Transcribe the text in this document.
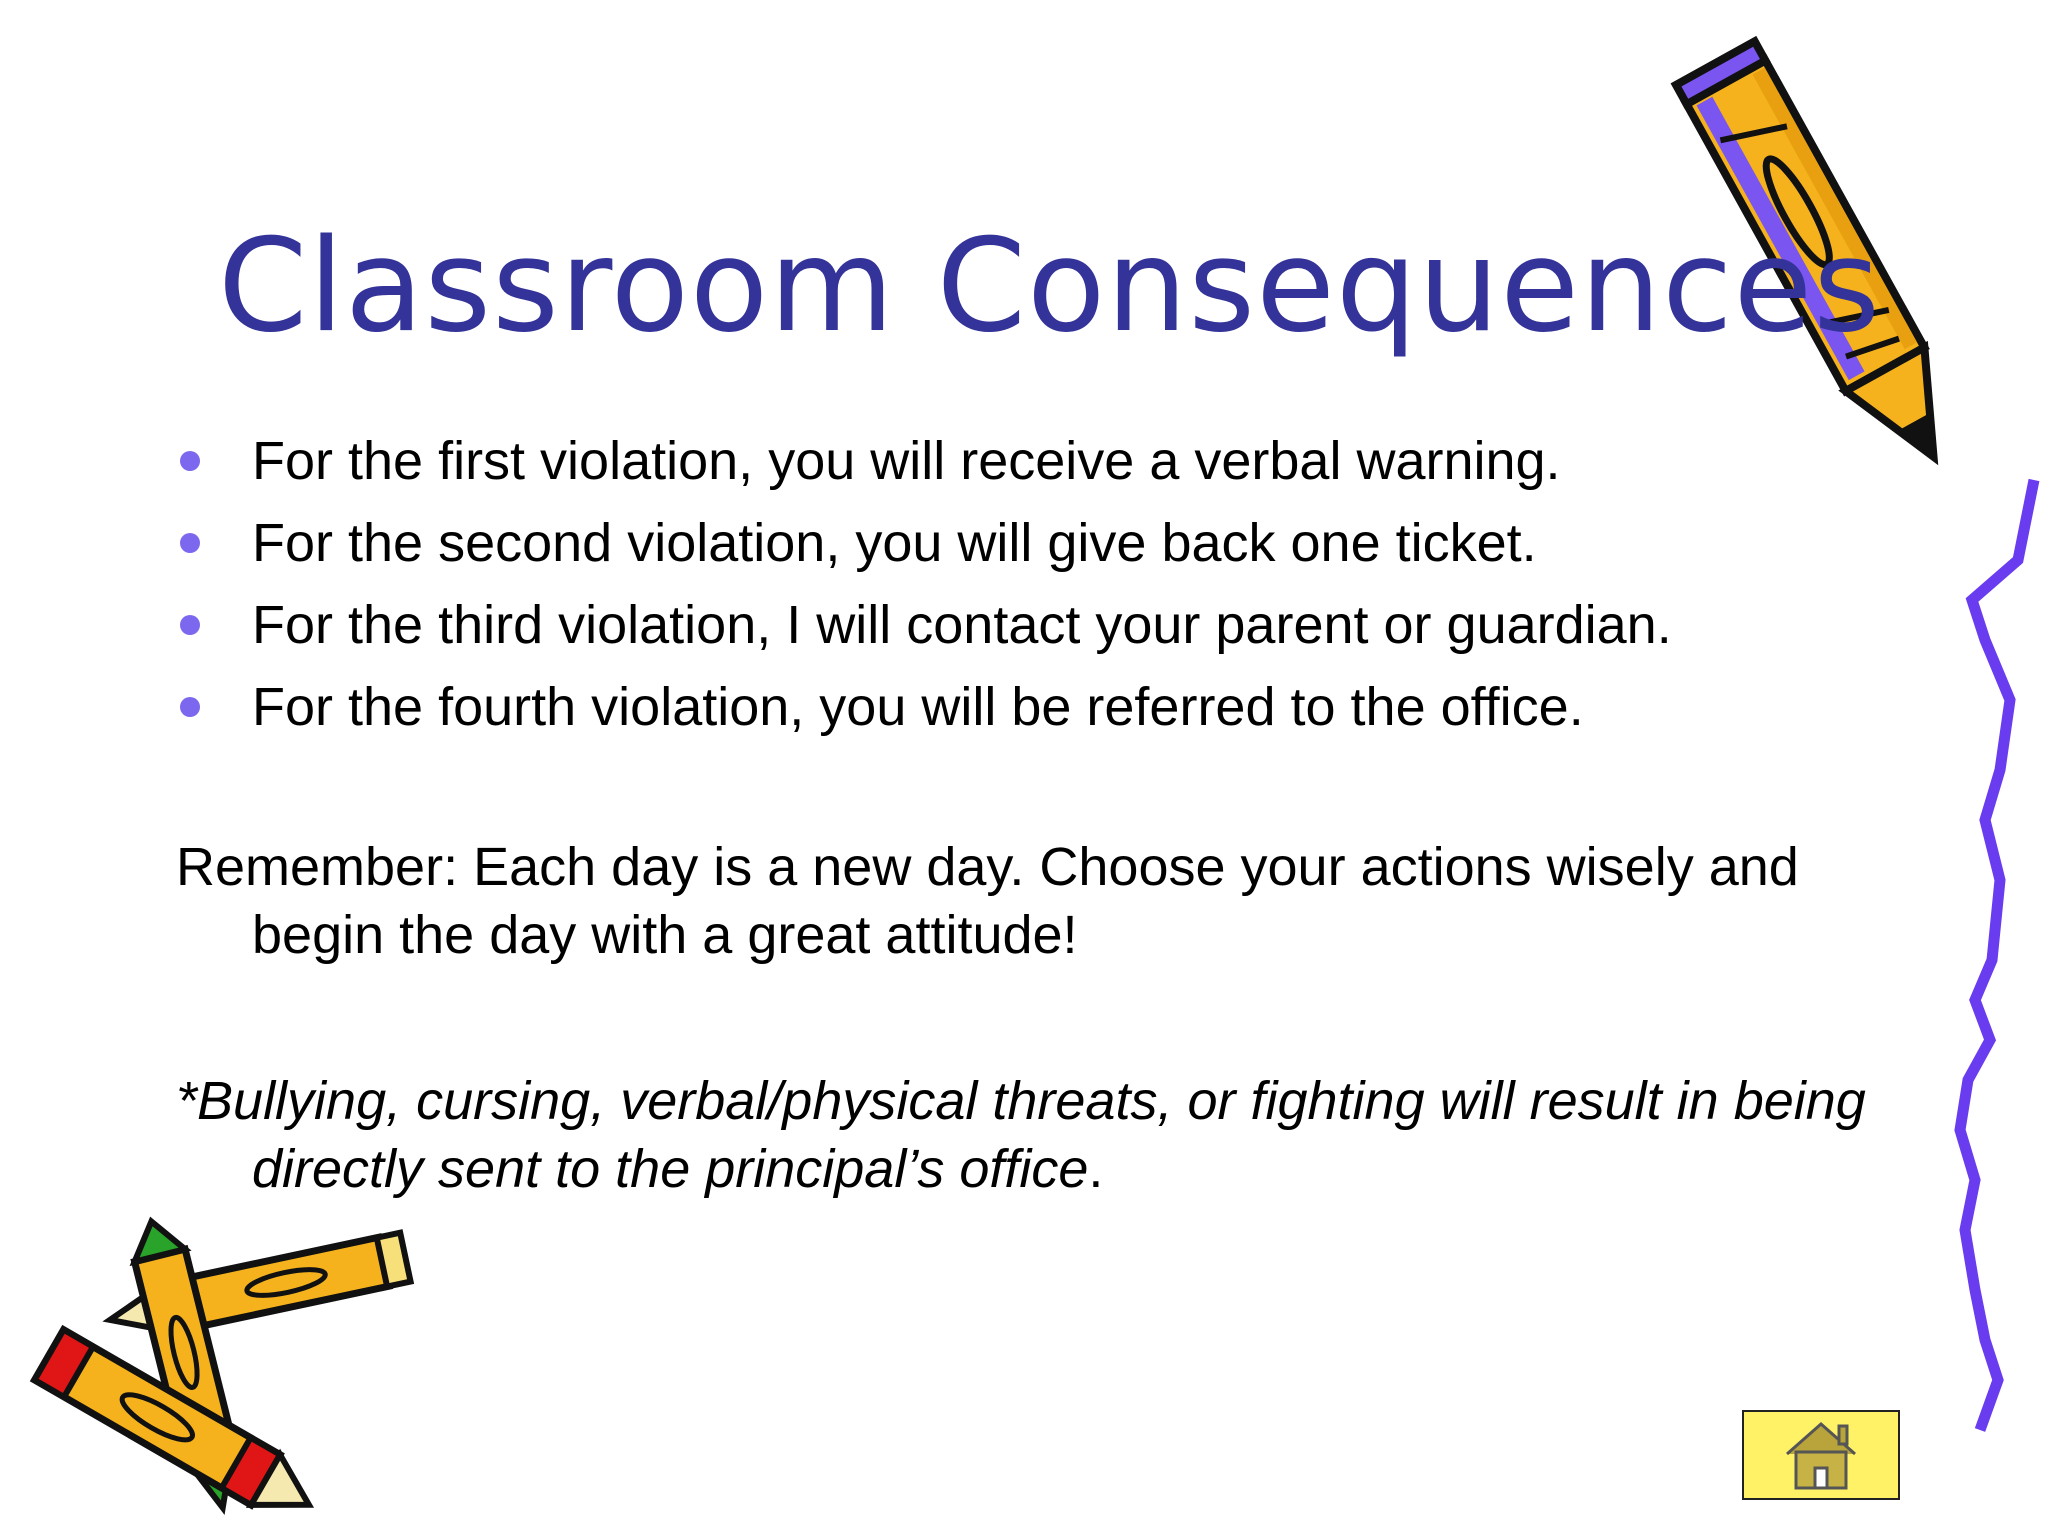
Classroom Consequences
For the first violation, you will receive a verbal warning.
For the second violation, you will give back one ticket.
For the third violation, I will contact your parent or guardian.
For the fourth violation, you will be referred to the office.
Remember: Each day is a new day. Choose your actions wisely and begin the day with a great attitude!
*Bullying, cursing, verbal/physical threats, or fighting will result in being directly sent to the principal’s office.
